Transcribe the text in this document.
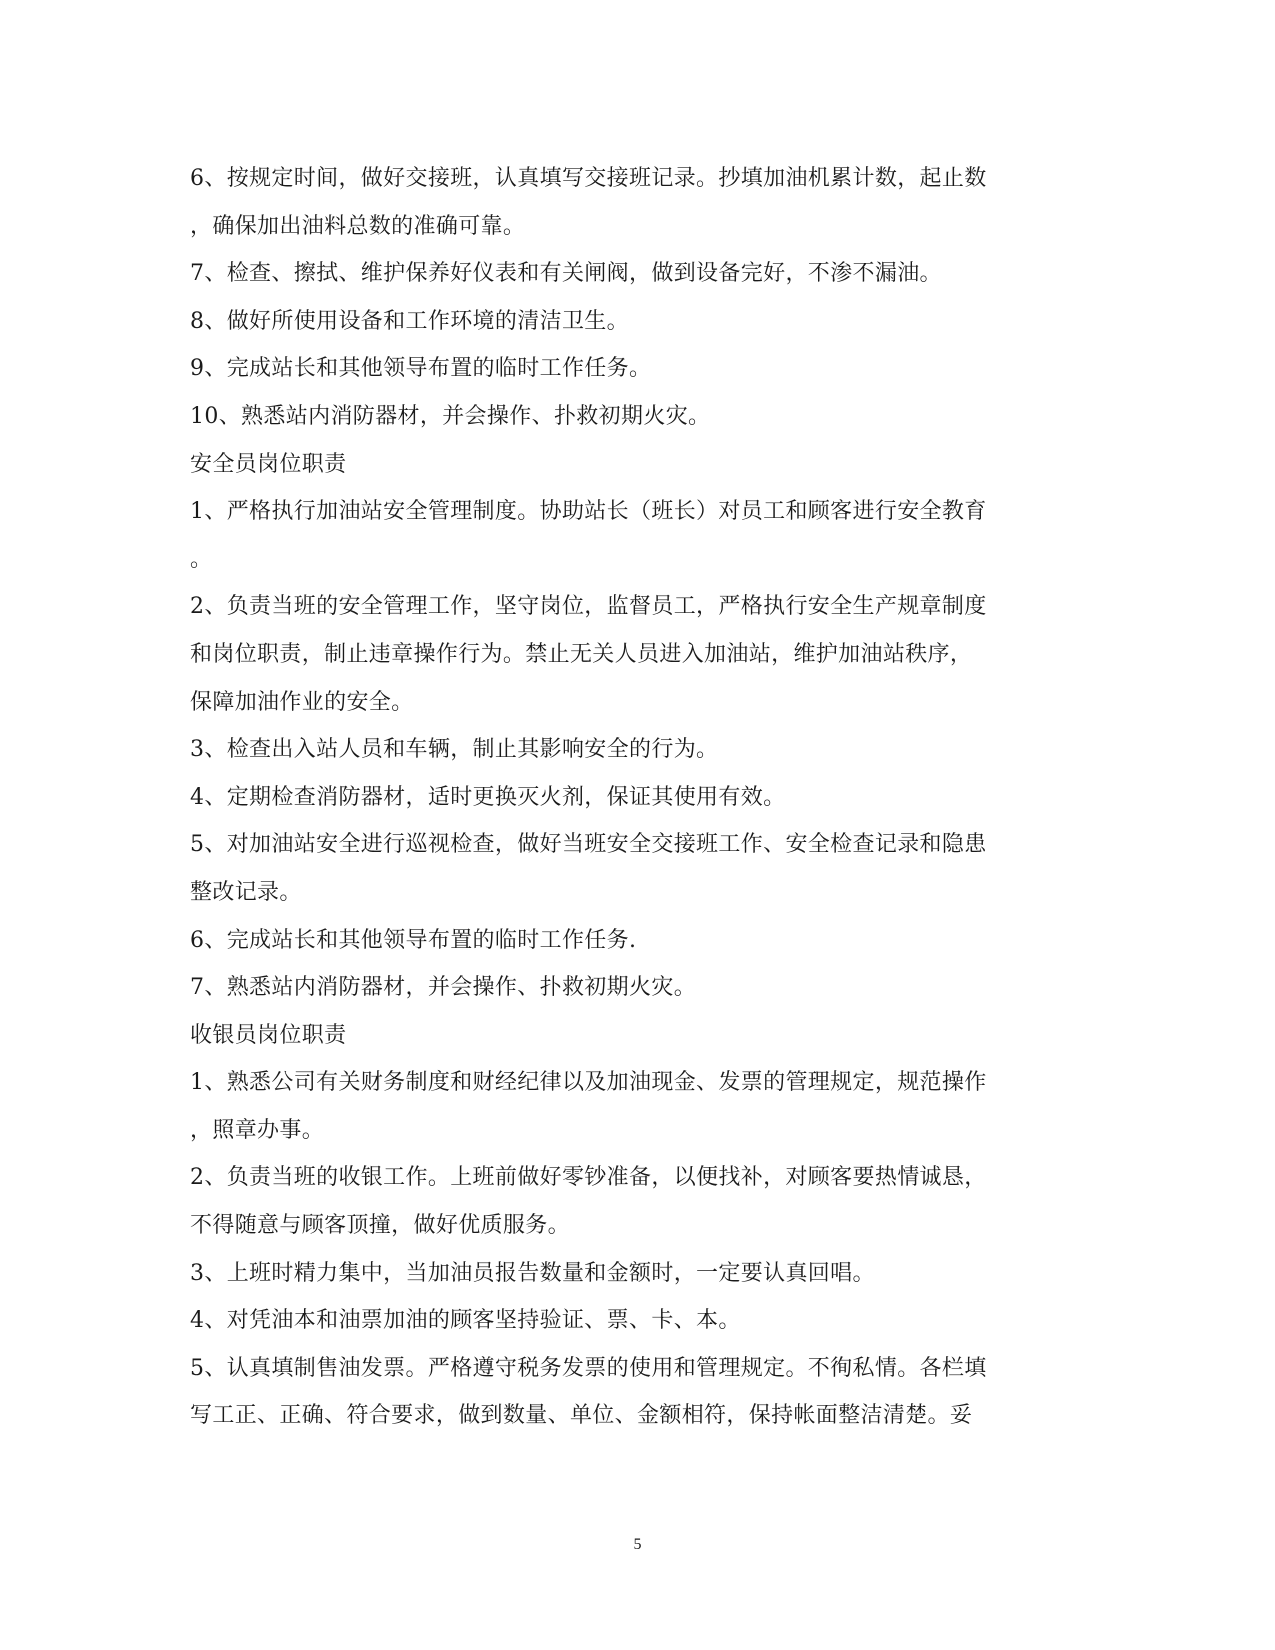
6、按规定时间，做好交接班，认真填写交接班记录。抄填加油机累计数，起止数
，确保加出油料总数的准确可靠。
7、检查、擦拭、维护保养好仪表和有关闸阀，做到设备完好，不渗不漏油。
8、做好所使用设备和工作环境的清洁卫生。
9、完成站长和其他领导布置的临时工作任务。
10、熟悉站内消防器材，并会操作、扑救初期火灾。
安全员岗位职责
1、严格执行加油站安全管理制度。协助站长（班长）对员工和顾客进行安全教育
。
2、负责当班的安全管理工作，坚守岗位，监督员工，严格执行安全生产规章制度
和岗位职责，制止违章操作行为。禁止无关人员进入加油站，维护加油站秩序，
保障加油作业的安全。
3、检查出入站人员和车辆，制止其影响安全的行为。
4、定期检查消防器材，适时更换灭火剂，保证其使用有效。
5、对加油站安全进行巡视检查，做好当班安全交接班工作、安全检查记录和隐患
整改记录。
6、完成站长和其他领导布置的临时工作任务.
7、熟悉站内消防器材，并会操作、扑救初期火灾。
收银员岗位职责
1、熟悉公司有关财务制度和财经纪律以及加油现金、发票的管理规定，规范操作
，照章办事。
2、负责当班的收银工作。上班前做好零钞准备，以便找补，对顾客要热情诚恳，
不得随意与顾客顶撞，做好优质服务。
3、上班时精力集中，当加油员报告数量和金额时，一定要认真回唱。
4、对凭油本和油票加油的顾客坚持验证、票、卡、本。
5、认真填制售油发票。严格遵守税务发票的使用和管理规定。不徇私情。各栏填
写工正、正确、符合要求，做到数量、单位、金额相符，保持帐面整洁清楚。妥
5
